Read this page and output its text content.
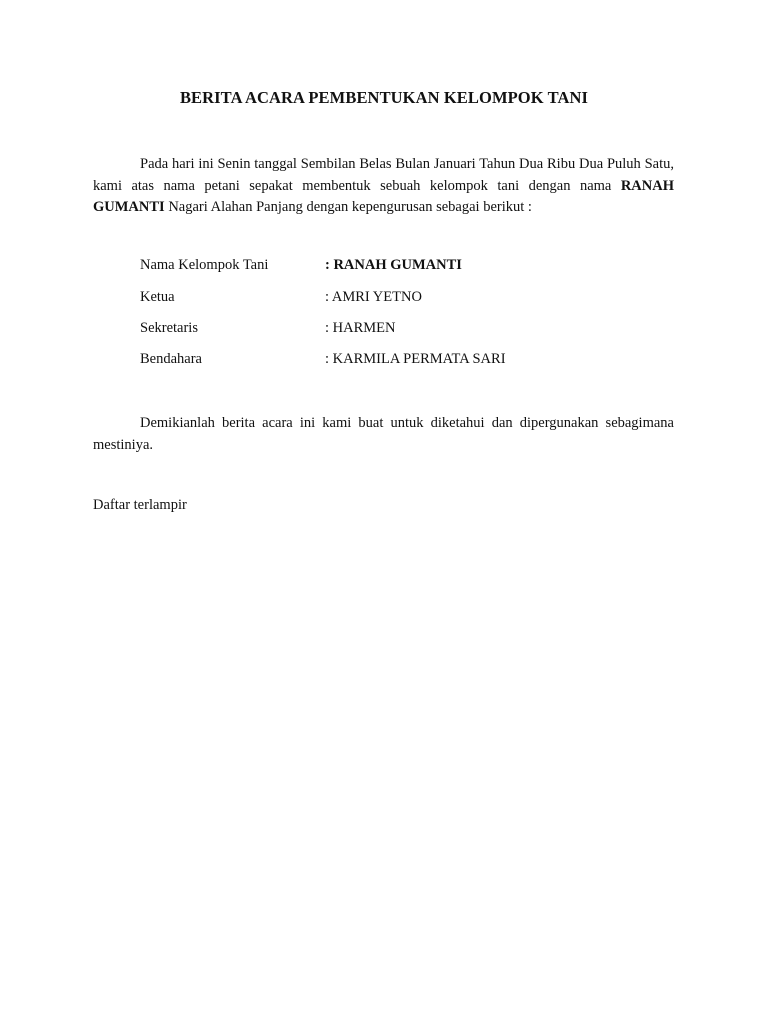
BERITA ACARA PEMBENTUKAN KELOMPOK TANI

Pada hari ini Senin tanggal Sembilan Belas Bulan Januari Tahun Dua Ribu Dua Puluh Satu, kami atas nama petani sepakat membentuk sebuah kelompok tani dengan nama RANAH GUMANTI Nagari Alahan Panjang dengan kepengurusan sebagai berikut :

Nama Kelompok Tani	: RANAH GUMANTI
Ketua	: AMRI YETNO
Sekretaris	: HARMEN
Bendahara	: KARMILA PERMATA SARI

Demikianlah berita acara ini kami buat untuk diketahui dan dipergunakan sebagimana mestiniya.

Daftar terlampir
